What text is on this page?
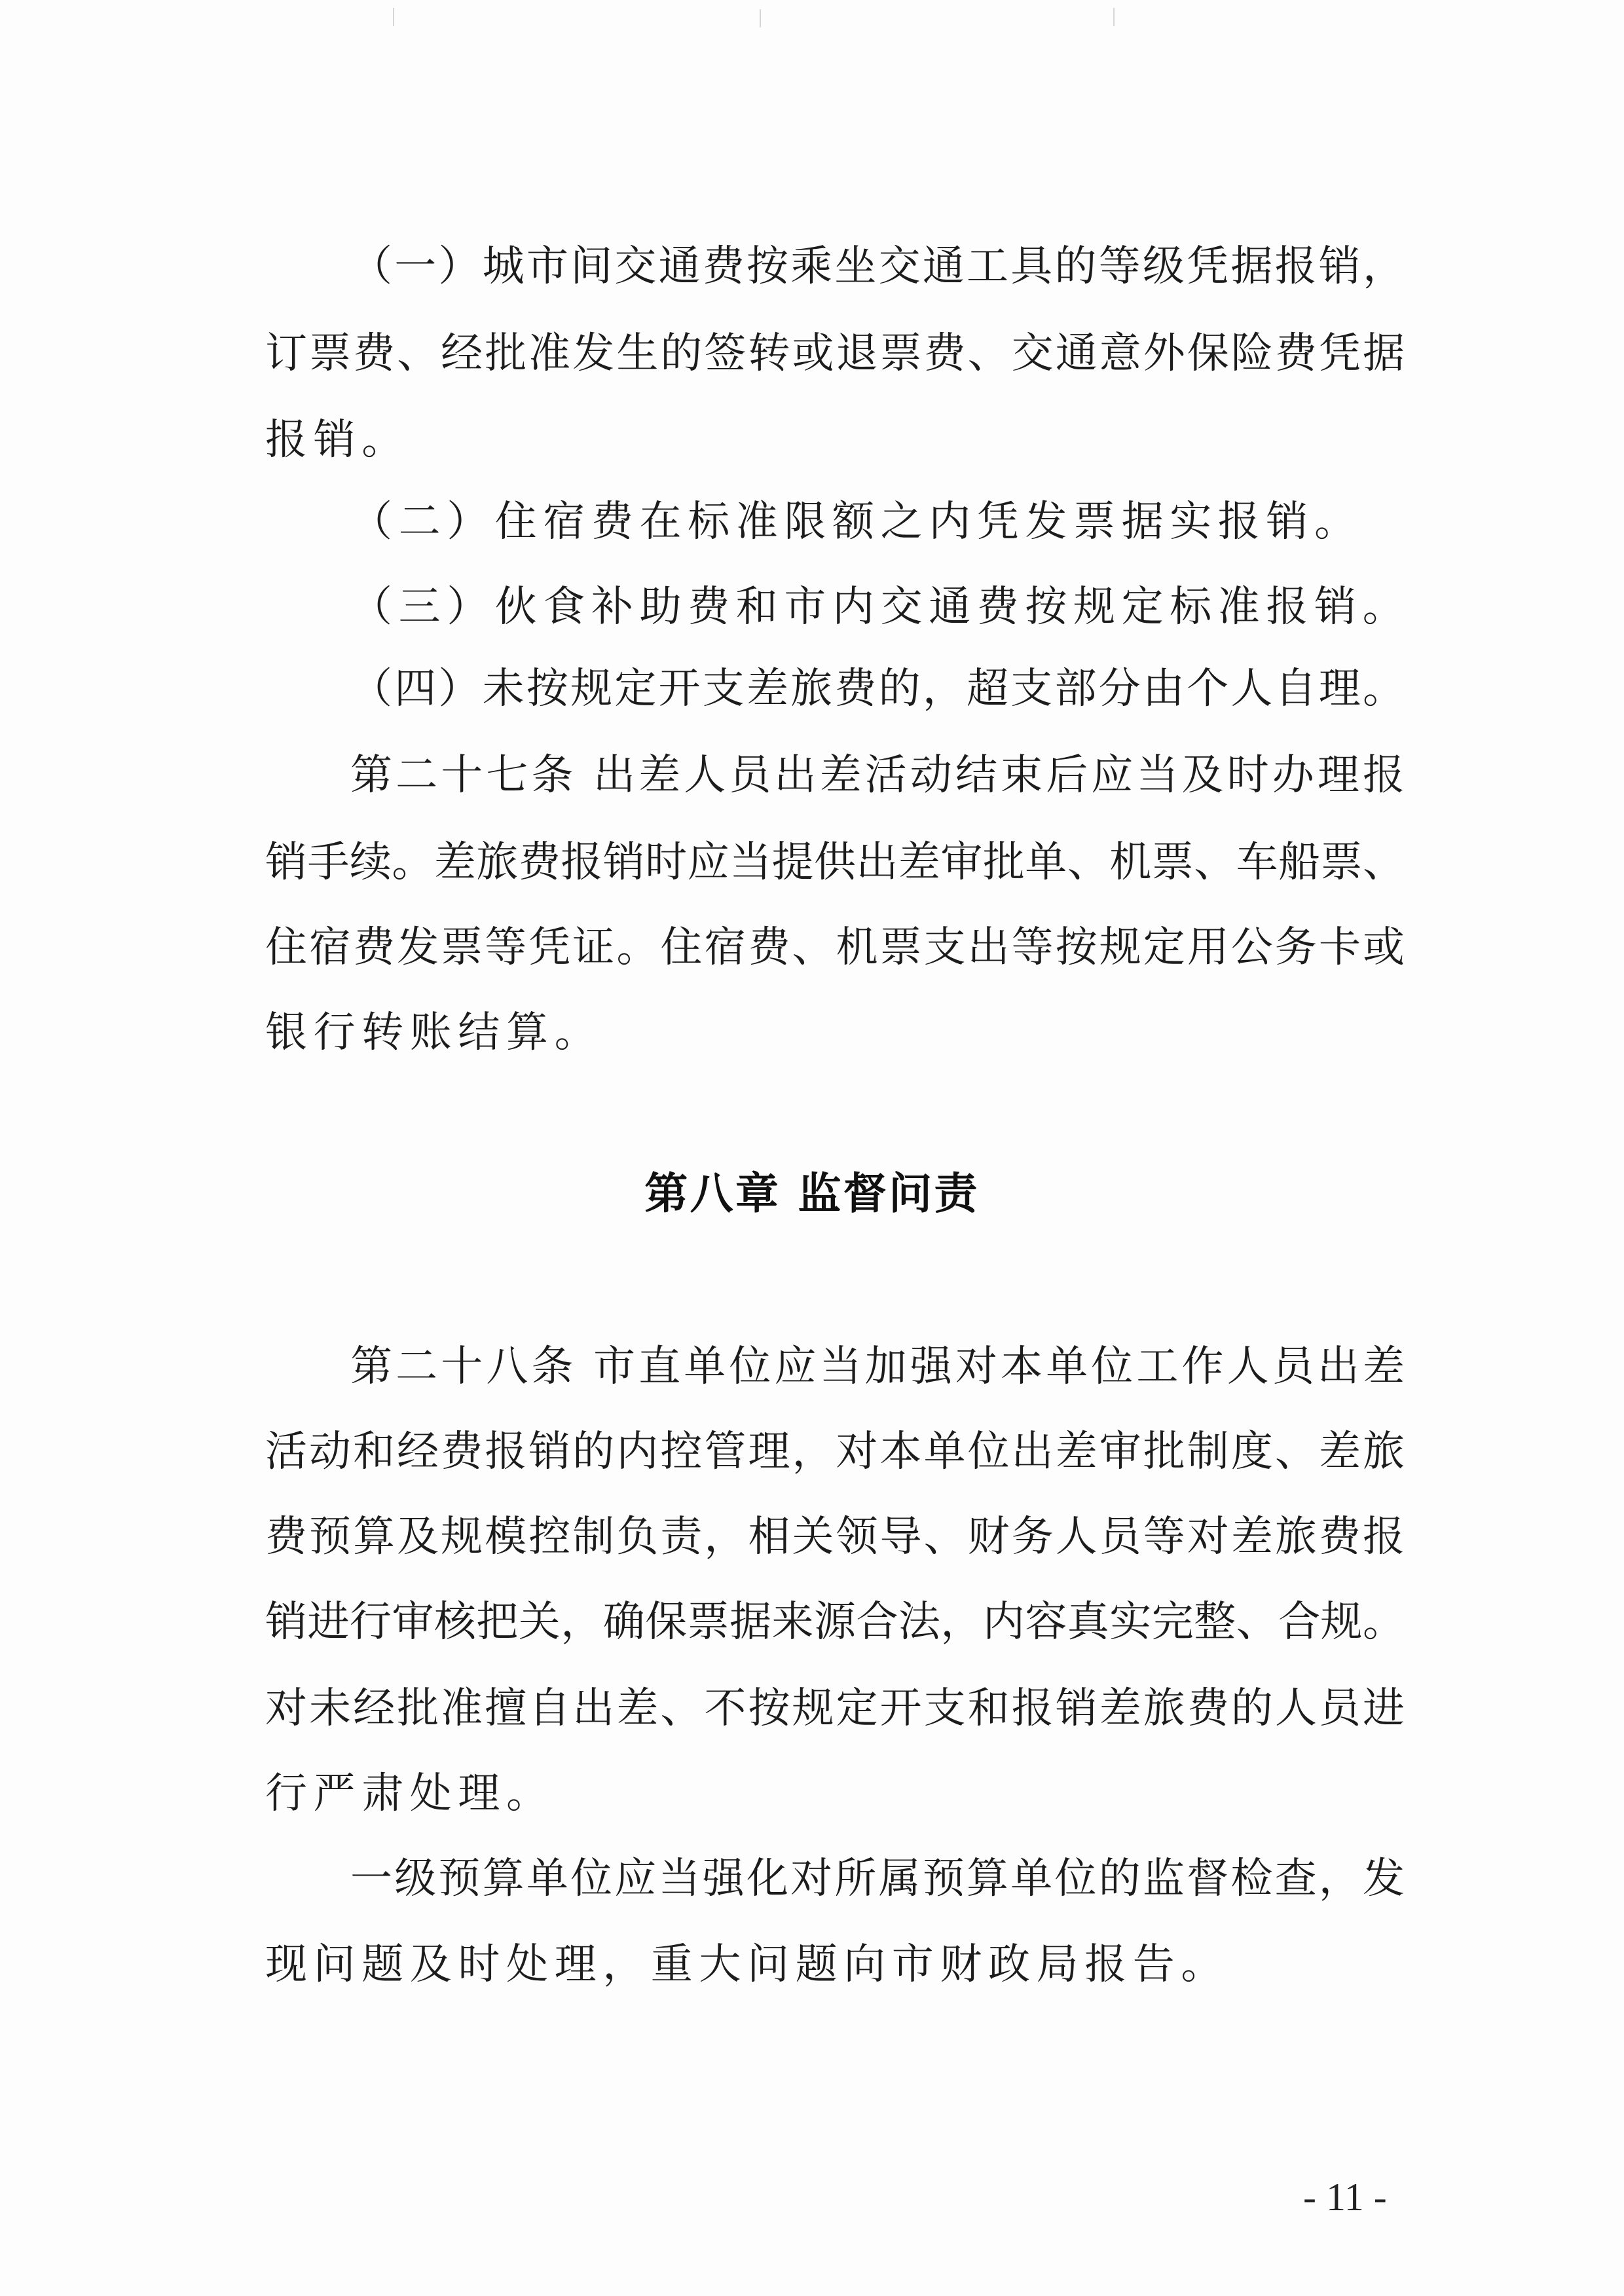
（一）城市间交通费按乘坐交通工具的等级凭据报销，
订票费、经批准发生的签转或退票费、交通意外保险费凭据
报销。
（二）住宿费在标准限额之内凭发票据实报销。
（三）伙食补助费和市内交通费按规定标准报销。
（四）未按规定开支差旅费的，超支部分由个人自理。
第二十七条 出差人员出差活动结束后应当及时办理报
销手续。差旅费报销时应当提供出差审批单、机票、车船票、
住宿费发票等凭证。住宿费、机票支出等按规定用公务卡或
银行转账结算。
第八章 监督问责
第二十八条 市直单位应当加强对本单位工作人员出差
活动和经费报销的内控管理，对本单位出差审批制度、差旅
费预算及规模控制负责，相关领导、财务人员等对差旅费报
销进行审核把关，确保票据来源合法，内容真实完整、合规。
对未经批准擅自出差、不按规定开支和报销差旅费的人员进
行严肃处理。
一级预算单位应当强化对所属预算单位的监督检查，发
现问题及时处理，重大问题向市财政局报告。
- 11 -
